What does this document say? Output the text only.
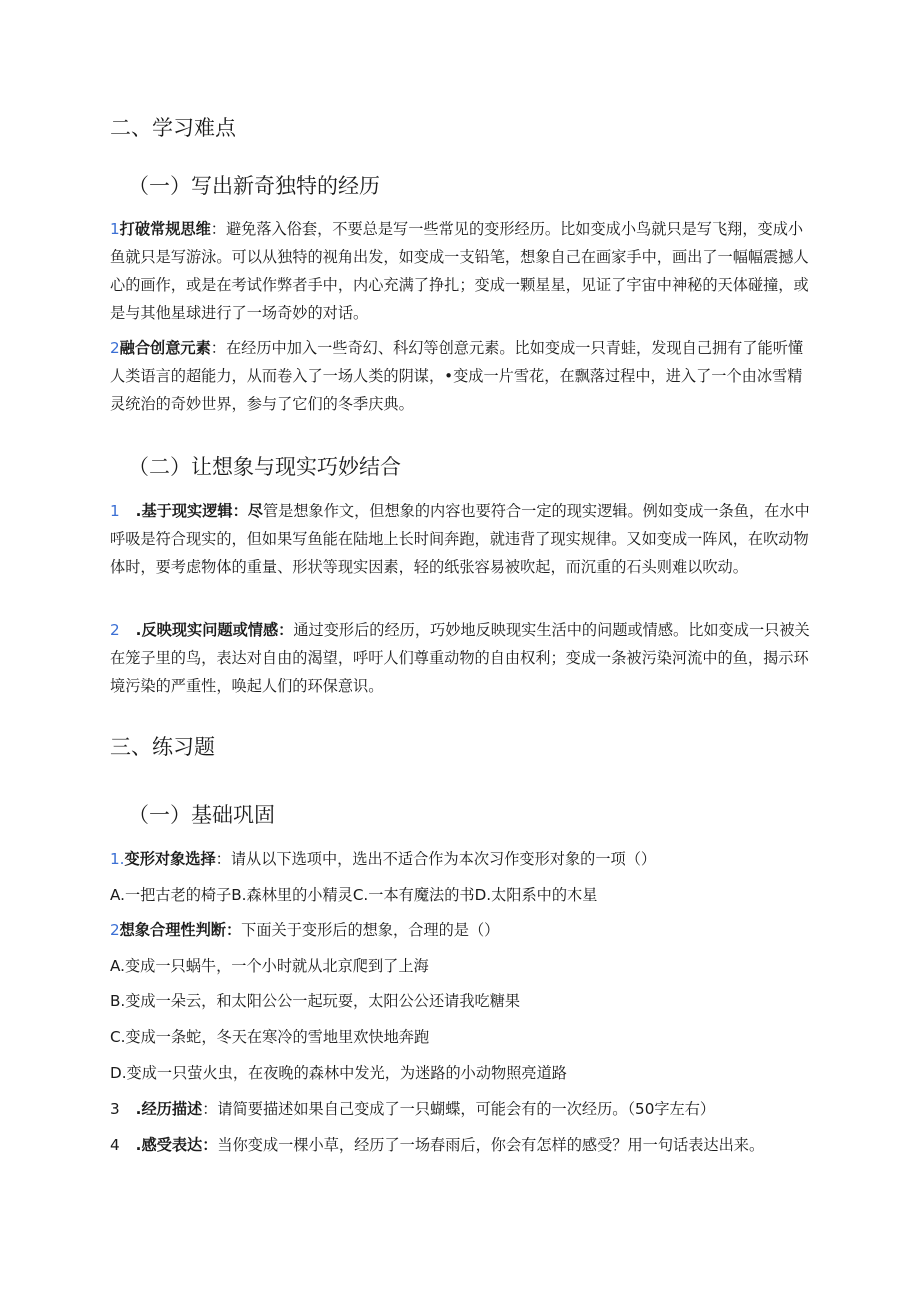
二、学习难点
（一）写出新奇独特的经历
1打破常规思维：避免落入俗套，不要总是写一些常见的变形经历。比如变成小鸟就只是写飞翔，变成小鱼就只是写游泳。可以从独特的视角出发，如变成一支铅笔，想象自己在画家手中，画出了一幅幅震撼人心的画作，或是在考试作弊者手中，内心充满了挣扎；变成一颗星星，见证了宇宙中神秘的天体碰撞，或是与其他星球进行了一场奇妙的对话。
2融合创意元素：在经历中加入一些奇幻、科幻等创意元素。比如变成一只青蛙，发现自己拥有了能听懂人类语言的超能力，从而卷入了一场人类的阴谋，•变成一片雪花，在飘落过程中，进入了一个由冰雪精灵统治的奇妙世界，参与了它们的冬季庆典。
（二）让想象与现实巧妙结合
1 .基于现实逻辑：尽管是想象作文，但想象的内容也要符合一定的现实逻辑。例如变成一条鱼，在水中呼吸是符合现实的，但如果写鱼能在陆地上长时间奔跑，就违背了现实规律。又如变成一阵风，在吹动物体时，要考虑物体的重量、形状等现实因素，轻的纸张容易被吹起，而沉重的石头则难以吹动。
2 .反映现实问题或情感：通过变形后的经历，巧妙地反映现实生活中的问题或情感。比如变成一只被关在笼子里的鸟，表达对自由的渴望，呼吁人们尊重动物的自由权利；变成一条被污染河流中的鱼，揭示环境污染的严重性，唤起人们的环保意识。
三、练习题
（一）基础巩固
1.变形对象选择：请从以下选项中，选出不适合作为本次习作变形对象的一项（）
A.一把古老的椅子B.森林里的小精灵C.一本有魔法的书D.太阳系中的木星
2想象合理性判断：下面关于变形后的想象，合理的是（）
A.变成一只蜗牛，一个小时就从北京爬到了上海
B.变成一朵云，和太阳公公一起玩耍，太阳公公还请我吃糖果
C.变成一条蛇，冬天在寒冷的雪地里欢快地奔跑
D.变成一只萤火虫，在夜晚的森林中发光，为迷路的小动物照亮道路
3 .经历描述：请简要描述如果自己变成了一只蝴蝶，可能会有的一次经历。（50字左右）
4 .感受表达：当你变成一棵小草，经历了一场春雨后，你会有怎样的感受？用一句话表达出来。
